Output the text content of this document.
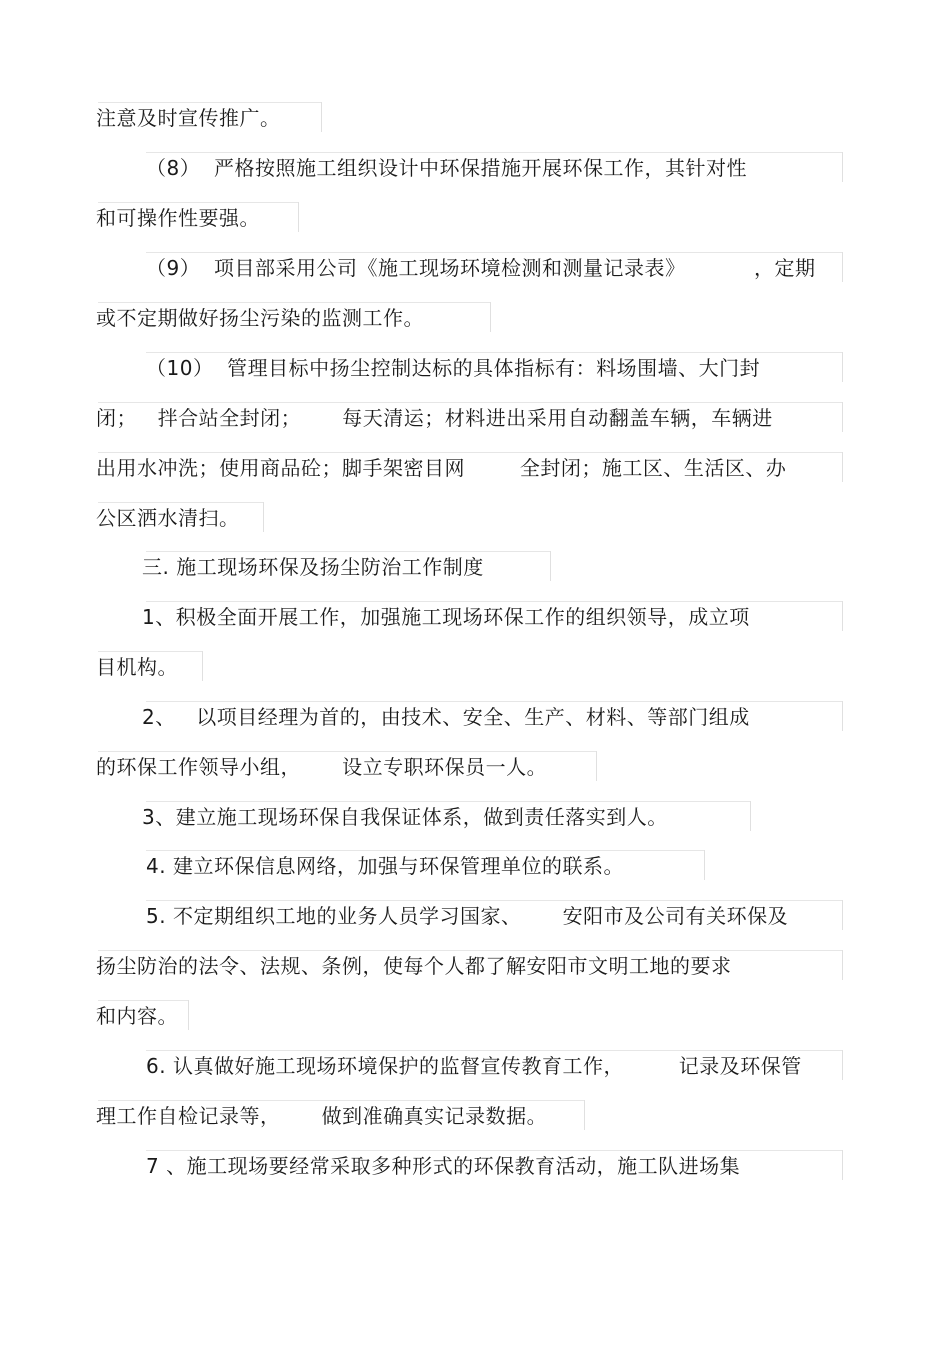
注意及时宣传推广。
（8）  严格按照施工组织设计中环保措施开展环保工作，其针对性
和可操作性要强。
（9）  项目部采用公司《施工现场环境检测和测量记录表》          ，定期
或不定期做好扬尘污染的监测工作。
（10）  管理目标中扬尘控制达标的具体指标有：料场围墙、大门封
闭；   拌合站全封闭；      每天清运；材料进出采用自动翻盖车辆，车辆进
出用水冲洗；使用商品砼；脚手架密目网        全封闭；施工区、生活区、办
公区洒水清扫。
三. 施工现场环保及扬尘防治工作制度
1、积极全面开展工作，加强施工现场环保工作的组织领导，成立项
目机构。
2、   以项目经理为首的，由技术、安全、生产、材料、等部门组成
的环保工作领导小组，      设立专职环保员一人。
3、建立施工现场环保自我保证体系，做到责任落实到人。
4. 建立环保信息网络，加强与环保管理单位的联系。
5. 不定期组织工地的业务人员学习国家、      安阳市及公司有关环保及
扬尘防治的法令、法规、条例，使每个人都了解安阳市文明工地的要求
和内容。
6. 认真做好施工现场环境保护的监督宣传教育工作，        记录及环保管
理工作自检记录等，      做到准确真实记录数据。
7 、施工现场要经常采取多种形式的环保教育活动，施工队进场集
